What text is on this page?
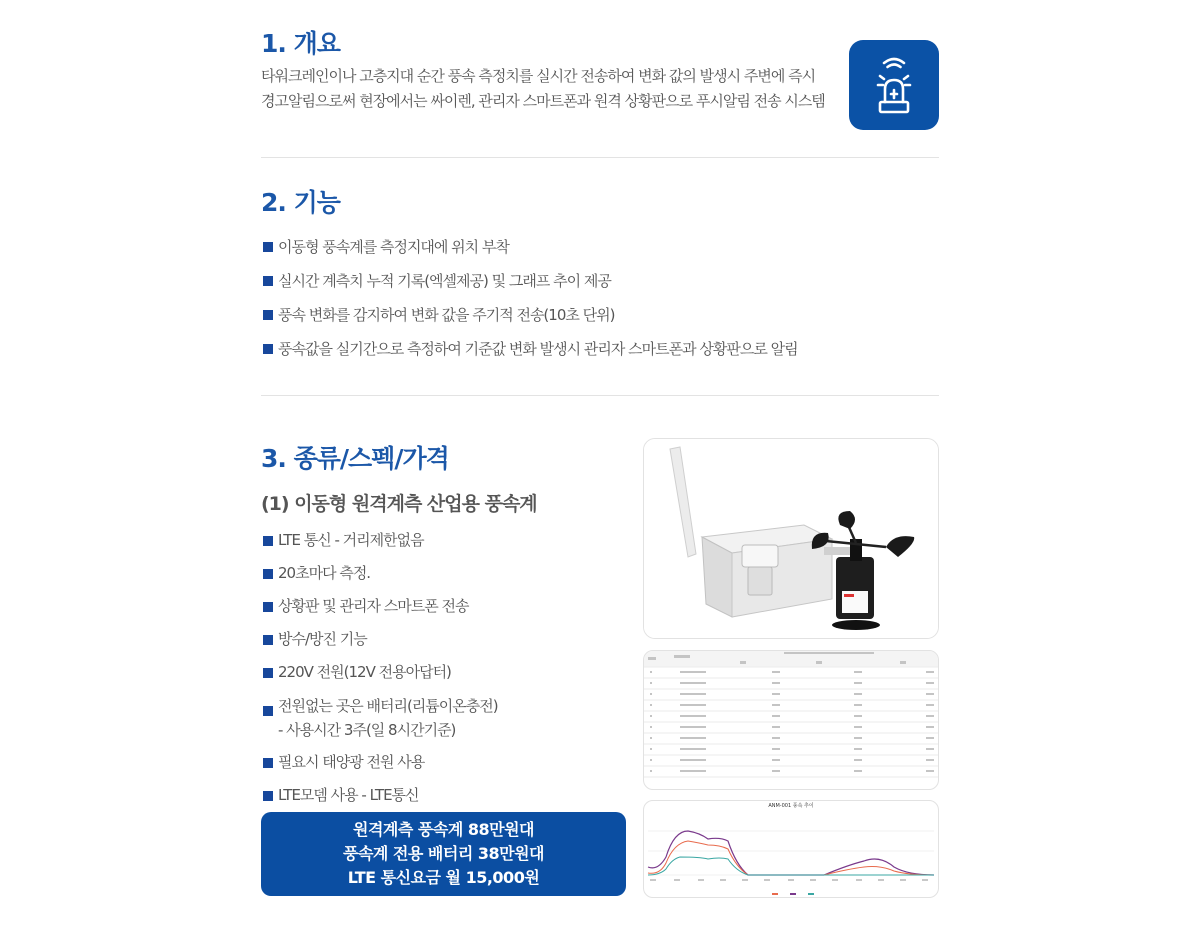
1. 개요
타워크레인이나 고층지대 순간 풍속 측정치를 실시간 전송하여 변화 값의 발생시 주변에 즉시
경고알림으로써 현장에서는 싸이렌, 관리자 스마트폰과 원격 상황판으로 푸시알림 전송 시스템
2. 기능
이동형 풍속계를 측정지대에 위치 부착
실시간 계측치 누적 기록(엑셀제공) 및 그래프 추이 제공
풍속 변화를 감지하여 변화 값을 주기적 전송(10초 단위)
풍속값을 실기간으로 측정하여 기준값 변화 발생시 관리자 스마트폰과 상황판으로 알림
3. 종류/스펙/가격
(1) 이동형 원격계측 산업용 풍속계
LTE 통신 - 거리제한없음
20초마다 측정.
상황판 및 관리자 스마트폰 전송
방수/방진 기능
220V 전원(12V 전용아답터)
전원없는 곳은 배터리(리튬이온충전)
- 사용시간 3주(일 8시간기준)
필요시 태양광 전원 사용
LTE모뎀 사용 - LTE통신
원격계측 풍속계 88만원대
풍속계 전용 배터리 38만원대
LTE 통신요금 월 15,000원
ANM-001 풍속 추이
